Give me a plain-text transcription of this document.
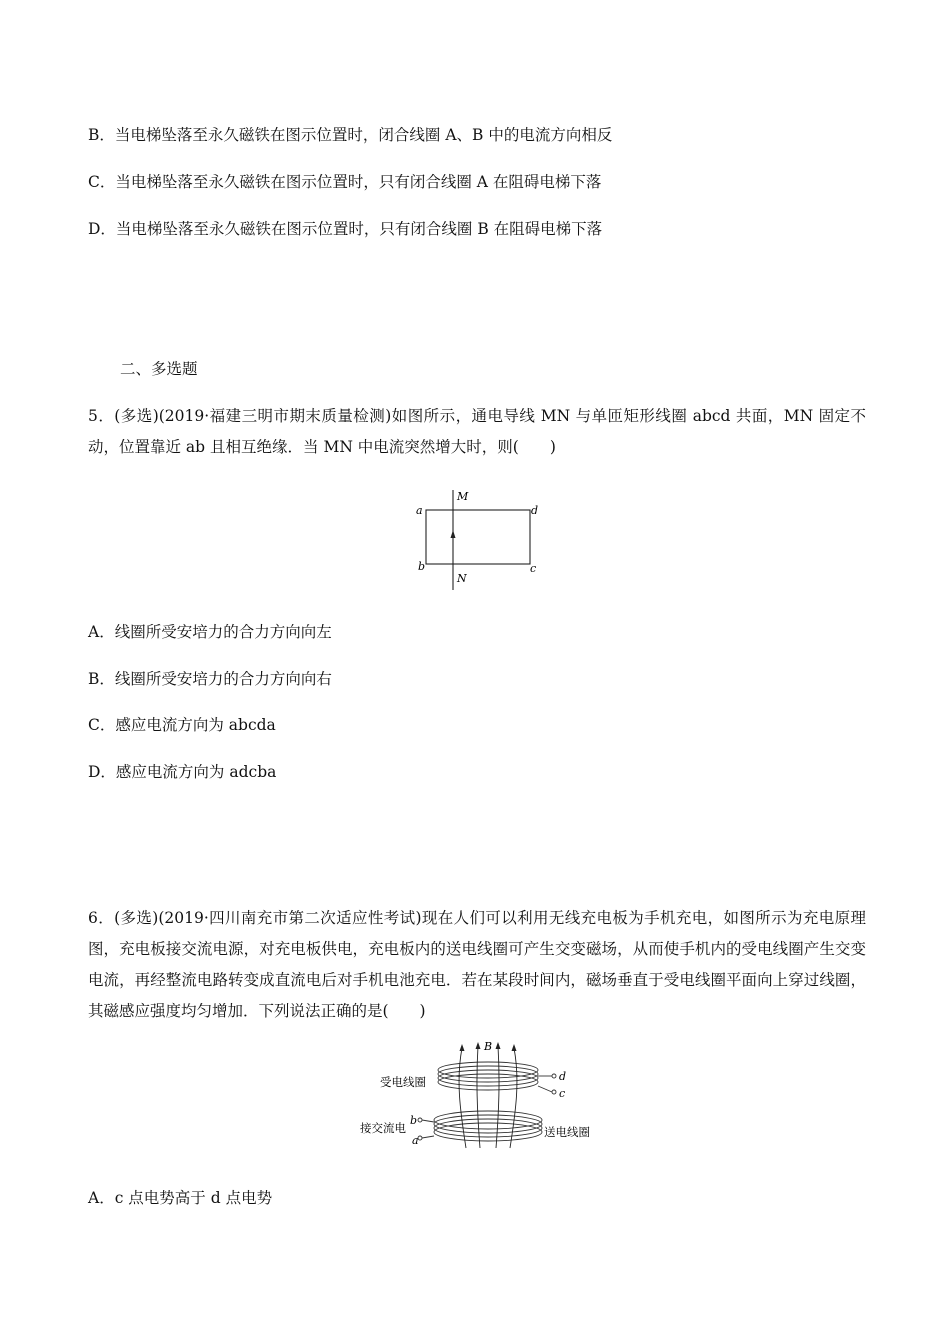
B．当电梯坠落至永久磁铁在图示位置时，闭合线圈 A、B 中的电流方向相反
C．当电梯坠落至永久磁铁在图示位置时，只有闭合线圈 A 在阻碍电梯下落
D．当电梯坠落至永久磁铁在图示位置时，只有闭合线圈 B 在阻碍电梯下落
二、多选题
5．(多选)(2019·福建三明市期末质量检测)如图所示，通电导线 MN 与单匝矩形线圈 abcd 共面，MN 固定不动，位置靠近 ab 且相互绝缘．当 MN 中电流突然增大时，则(　　)
M
N
a
b	c
d
A．线圈所受安培力的合力方向向左
B．线圈所受安培力的合力方向向右
C．感应电流方向为 abcda
D．感应电流方向为 adcba
6．(多选)(2019·四川南充市第二次适应性考试)现在人们可以利用无线充电板为手机充电，如图所示为充电原理图，充电板接交流电源，对充电板供电，充电板内的送电线圈可产生交变磁场，从而使手机内的受电线圈产生交变电流，再经整流电路转变成直流电后对手机电池充电．若在某段时间内，磁场垂直于受电线圈平面向上穿过线圈，其磁感应强度均匀增加．下列说法正确的是(　　)
B
d
c
b
a
受电线圈
接交流电	送电线圈
A．c 点电势高于 d 点电势
